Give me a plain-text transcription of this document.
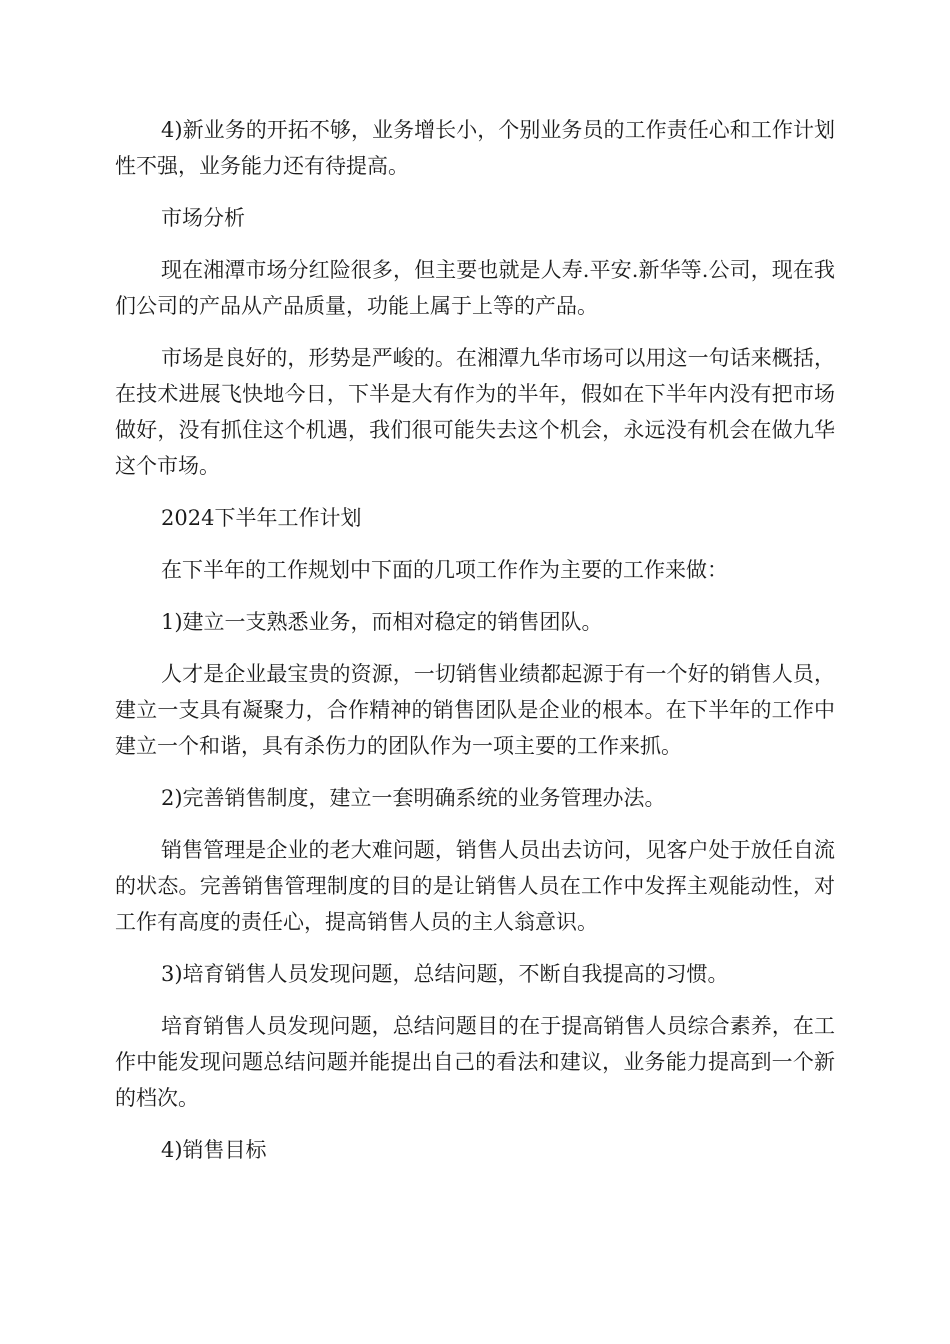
4)新业务的开拓不够，业务增长小，个别业务员的工作责任心和工作计划性不强，业务能力还有待提高。

市场分析

现在湘潭市场分红险很多，但主要也就是人寿.平安.新华等.公司，现在我们公司的产品从产品质量，功能上属于上等的产品。

市场是良好的，形势是严峻的。在湘潭九华市场可以用这一句话来概括，在技术进展飞快地今日，下半是大有作为的半年，假如在下半年内没有把市场做好，没有抓住这个机遇，我们很可能失去这个机会，永远没有机会在做九华这个市场。

2024下半年工作计划

在下半年的工作规划中下面的几项工作作为主要的工作来做：

1)建立一支熟悉业务，而相对稳定的销售团队。

人才是企业最宝贵的资源，一切销售业绩都起源于有一个好的销售人员，建立一支具有凝聚力，合作精神的销售团队是企业的根本。在下半年的工作中建立一个和谐，具有杀伤力的团队作为一项主要的工作来抓。

2)完善销售制度，建立一套明确系统的业务管理办法。

销售管理是企业的老大难问题，销售人员出去访问，见客户处于放任自流的状态。完善销售管理制度的目的是让销售人员在工作中发挥主观能动性，对工作有高度的责任心，提高销售人员的主人翁意识。

3)培育销售人员发现问题，总结问题，不断自我提高的习惯。

培育销售人员发现问题，总结问题目的在于提高销售人员综合素养，在工作中能发现问题总结问题并能提出自己的看法和建议，业务能力提高到一个新的档次。

4)销售目标
